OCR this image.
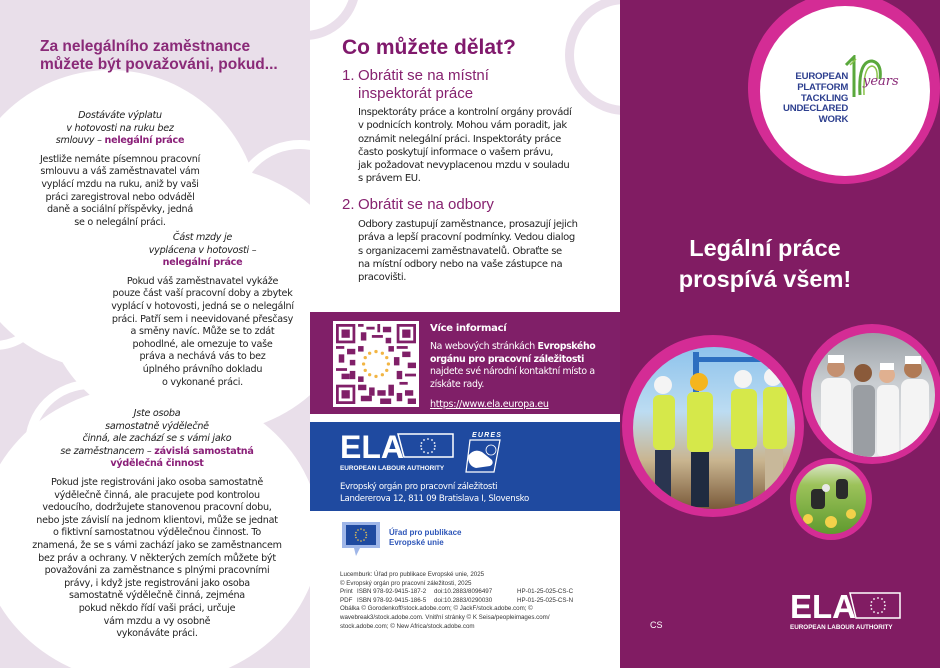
Za nelegálního zaměstnance
můžete být považováni, pokud...

Dostáváte výplatu
v hotovosti na ruku bez
smlouvy – nelegální práce

Jestliže nemáte písemnou pracovní
smlouvu a váš zaměstnavatel vám
vyplácí mzdu na ruku, aniž by vaši
práci zaregistroval nebo odváděl
daně a sociální příspěvky, jedná
se o nelegální práci.

Část mzdy je
vyplácena v hotovosti –
nelegální práce

Pokud váš zaměstnavatel vykáže
pouze část vaší pracovní doby a zbytek
vyplácí v hotovosti, jedná se o nelegální
práci. Patří sem i neevidované přesčasy
a směny navíc. Může se to zdát
pohodlné, ale omezuje to vaše
práva a nechává vás to bez
úplného právního dokladu
o vykonané práci.

Jste osoba
samostatně výdělečně
činná, ale zachází se s vámi jako
se zaměstnancem – závislá samostatná
výdělečná činnost

Pokud jste registrováni jako osoba samostatně
výdělečně činná, ale pracujete pod kontrolou
vedoucího, dodržujete stanovenou pracovní dobu,
nebo jste závislí na jednom klientovi, může se jednat
o fiktivní samostatnou výdělečnou činnost. To
znamená, že se s vámi zachází jako se zaměstnancem
bez práv a ochrany. V některých zemích můžete být
považováni za zaměstnance s plnými pracovními
právy, i když jste registrováni jako osoba
samostatně výdělečně činná, zejména
pokud někdo řídí vaši práci, určuje
vám mzdu a vy osobně
vykonáváte práci.

Co můžete dělat?
1. Obrátit se na místní
inspektorát práce
Inspektoráty práce a kontrolní orgány provádí
v podnicích kontroly. Mohou vám poradit, jak
oznámit nelegální práci. Inspektoráty práce
často poskytují informace o vašem právu,
jak požadovat nevyplacenou mzdu v souladu
s právem EU.
2. Obrátit se na odbory
Odbory zastupují zaměstnance, prosazují jejich
práva a lepší pracovní podmínky. Vedou dialog
s organizacemi zaměstnavatelů. Obraťte se
na místní odbory nebo na vaše zástupce na
pracovišti.
Více informací
Na webových stránkách Evropského orgánu pro pracovní záležitosti najdete své národní kontaktní místo a získáte rady.
https://www.ela.europa.eu
ELA
EUROPEAN LABOUR AUTHORITY
EURES
Evropský orgán pro pracovní záležitosti
Landererova 12, 811 09 Bratislava I, Slovensko
Úřad pro publikace
Evropské unie
Lucemburk: Úřad pro publikace Evropské unie, 2025
© Evropský orgán pro pracovní záležitosti, 2025
Print ISBN 978-92-9415-187-2	doi:10.2883/8096497	HP-01-25-025-CS-C
PDF ISBN 978-92-9415-186-5	doi:10.2883/0290030	HP-01-25-025-CS-N
Obálka © Gorodenkoff/stock.adobe.com; © JackF/stock.adobe.com; © wavebreak3/stock.adobe.com. Vnitřní stránky © K Seisa/peopleimages.com/ stock.adobe.com; © New Africa/stock.adobe.com
EUROPEAN
PLATFORM
TACKLING
UNDECLARED
WORK
years
Legální práce
prospívá všem!
CS	ELA
EUROPEAN LABOUR AUTHORITY
